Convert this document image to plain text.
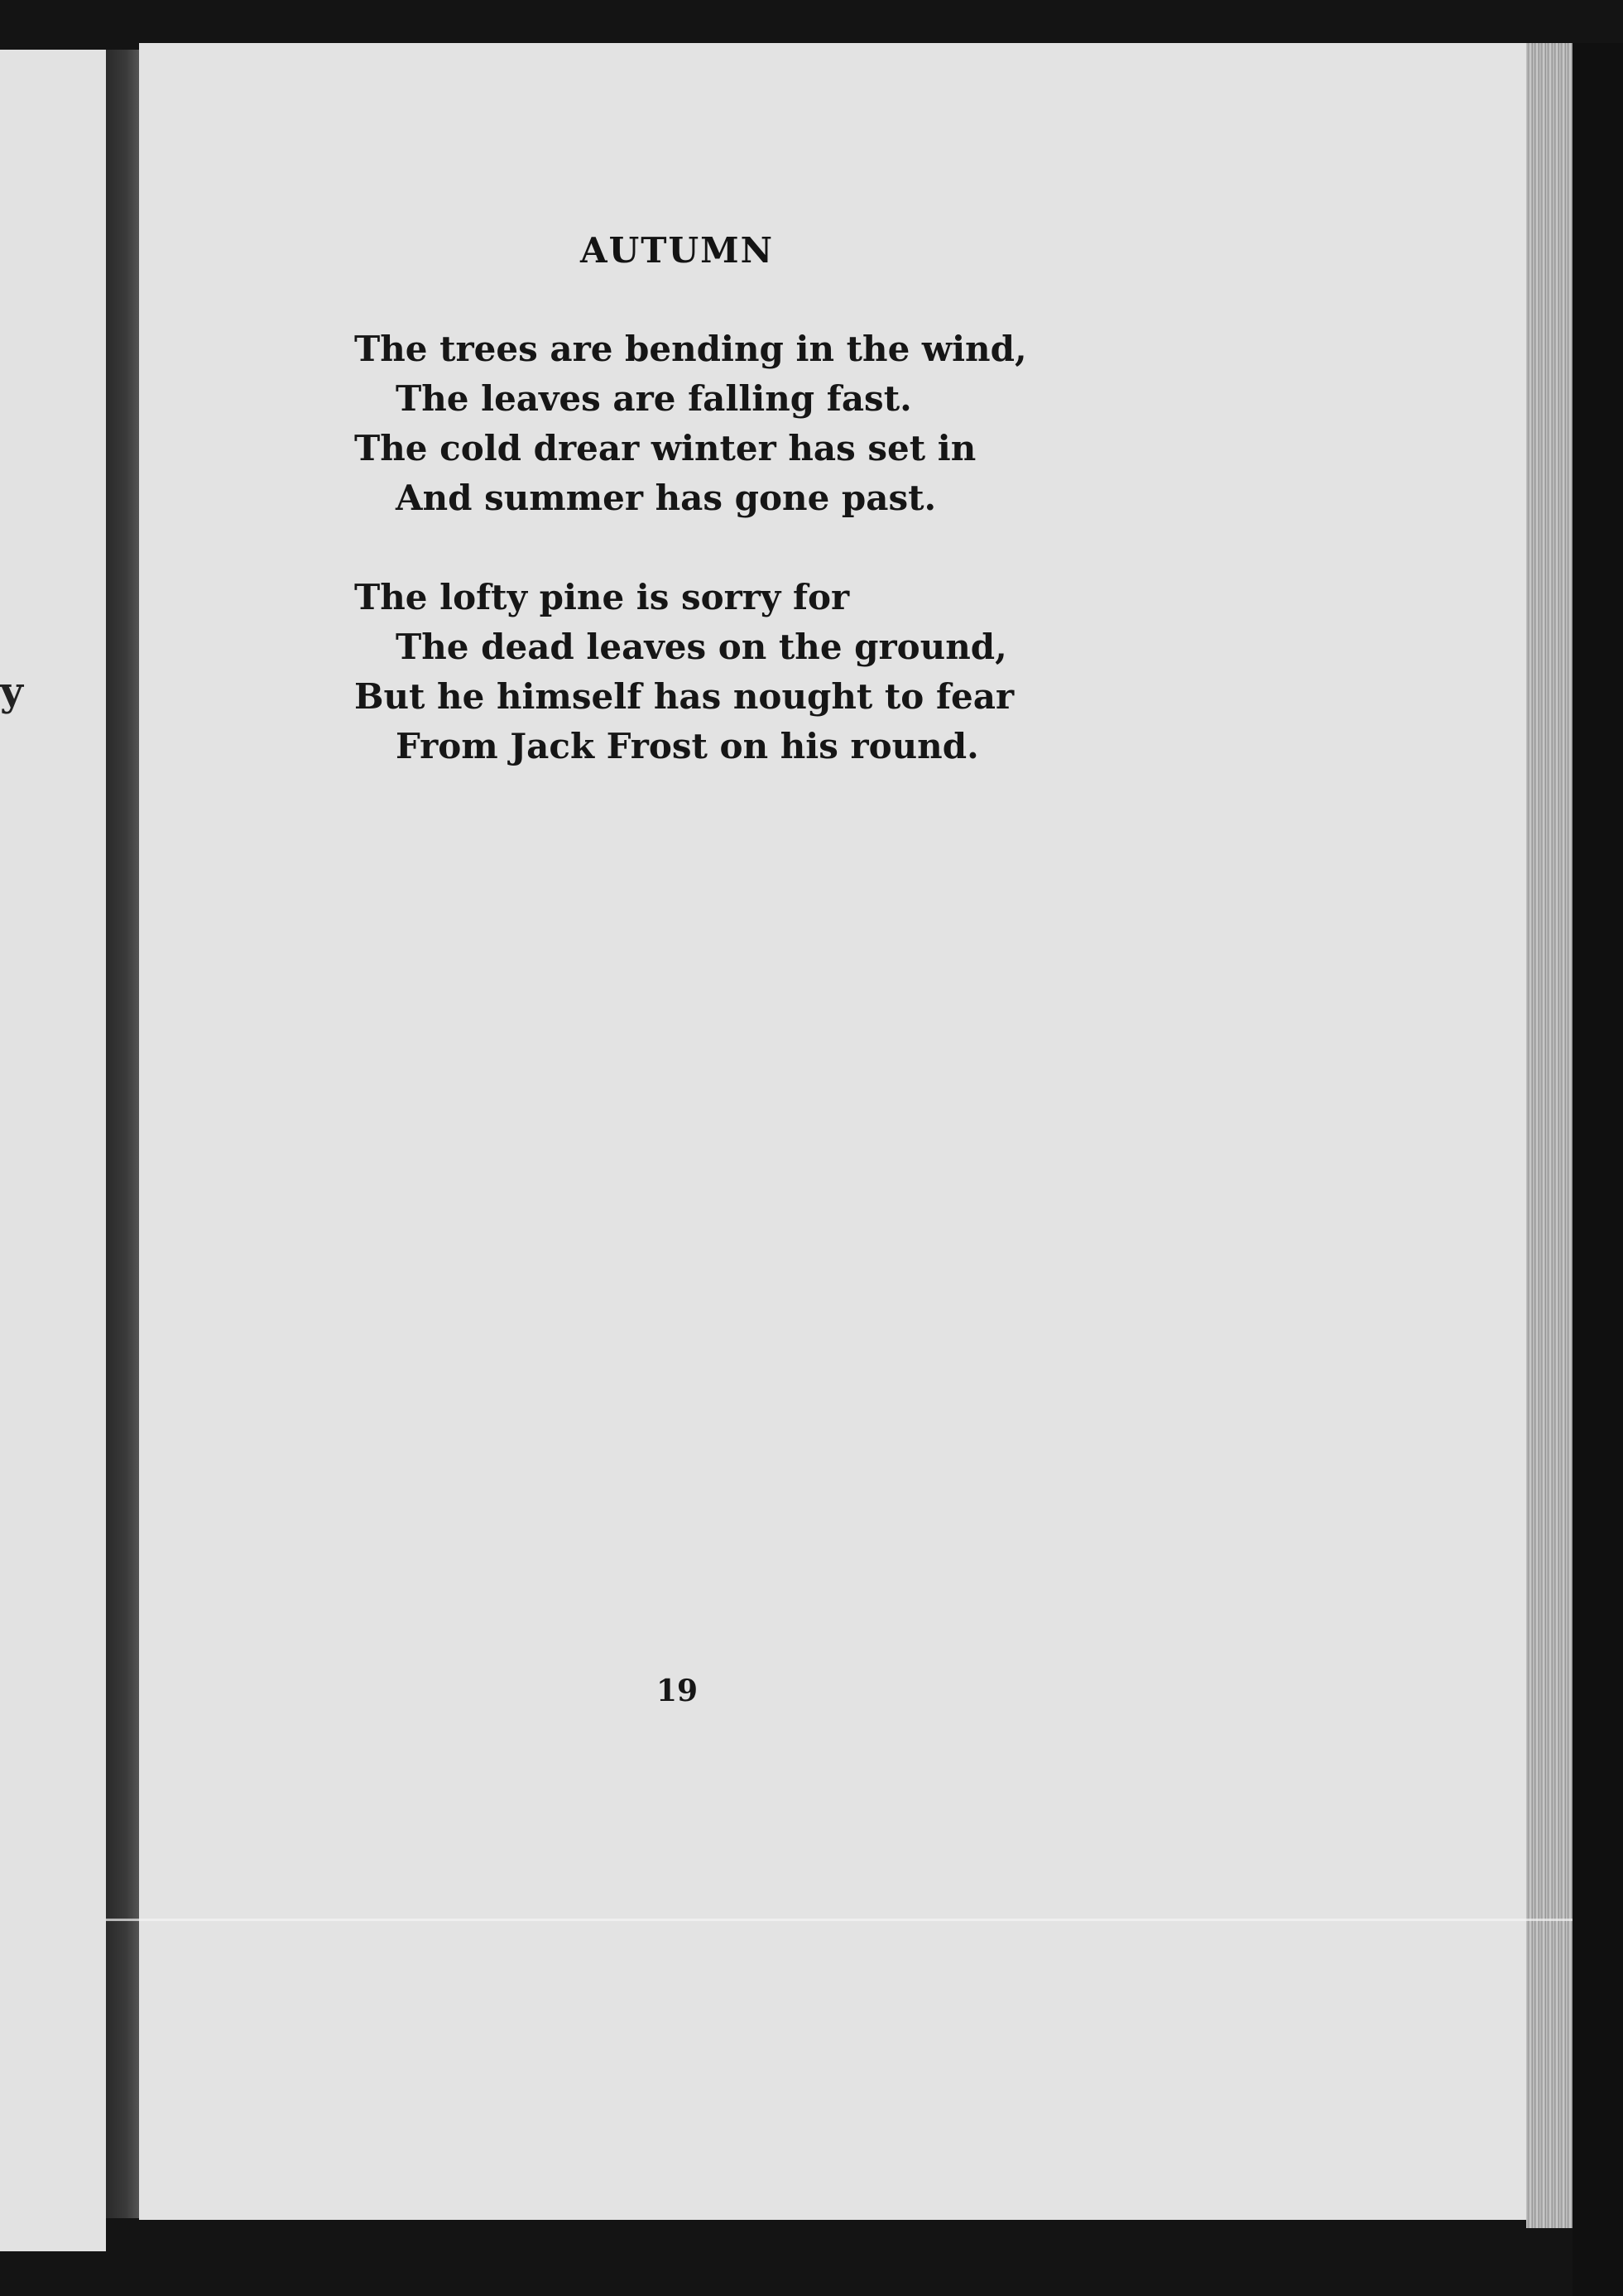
y
AUTUMN
The trees are bending in the wind,
The leaves are falling fast.
The cold drear winter has set in
And summer has gone past.
The lofty pine is sorry for
The dead leaves on the ground,
But he himself has nought to fear
From Jack Frost on his round.
19
